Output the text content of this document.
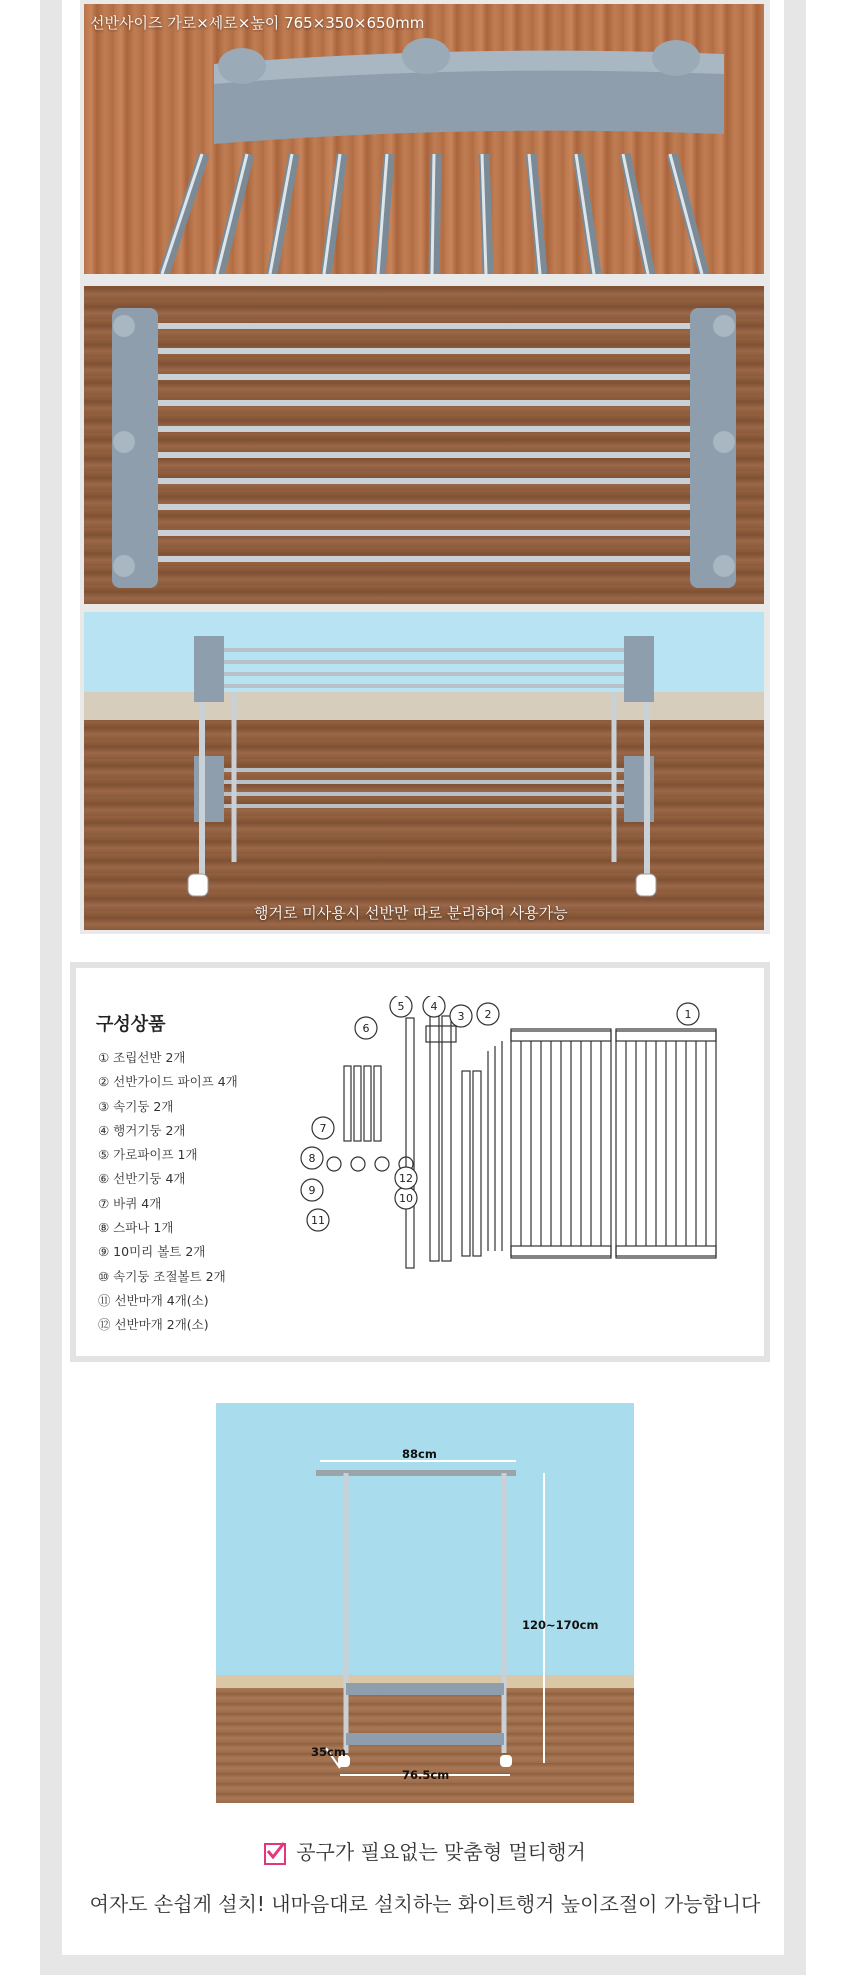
선반사이즈 가로×세로×높이 765×350×650mm
행거로 미사용시 선반만 따로 분리하여 사용가능
구성상품
① 조립선반 2개
② 선반가이드 파이프 4개
③ 속기둥 2개
④ 행거기둥 2개
⑤ 가로파이프 1개
⑥ 선반기둥 4개
⑦ 바퀴 4개
⑧ 스파나 1개
⑨ 10미리 볼트 2개
⑩ 속기둥 조절볼트 2개
⑪ 선반마개 4개(소)
⑫ 선반마개 2개(소)
1
2
3
4
5
6
7
8
9
10
11
12
88cm
120~170cm
35cm
76.5cm
공구가 필요없는 맞춤형 멀티행거
여자도 손쉽게 설치! 내마음대로 설치하는 화이트행거 높이조절이 가능합니다
